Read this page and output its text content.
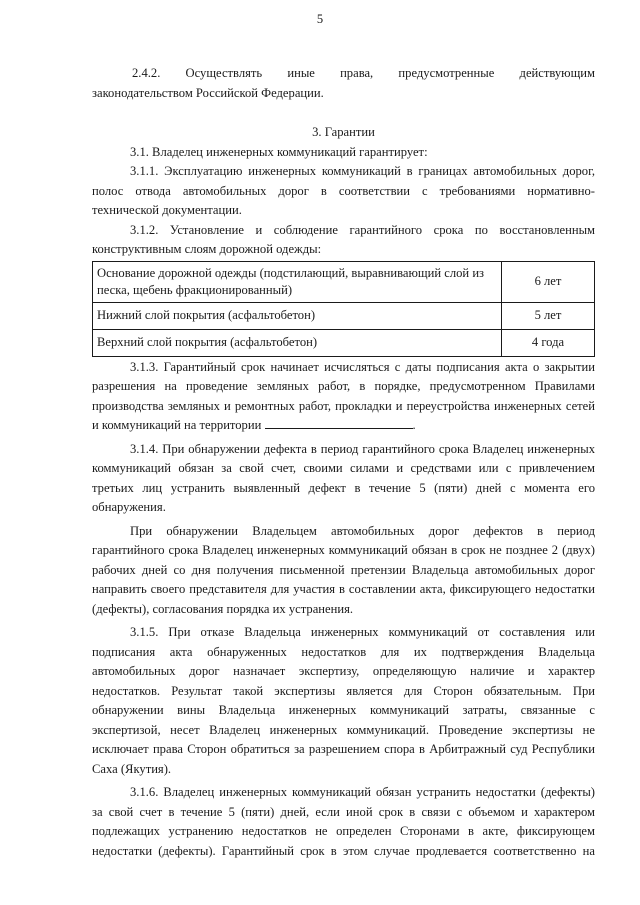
5
2.4.2. Осуществлять иные права, предусмотренные действующим

законодательством Российской Федерации.

3. Гарантии

3.1. Владелец инженерных коммуникаций гарантирует:

3.1.1. Эксплуатацию инженерных коммуникаций в границах автомобильных дорог,

полос отвода автомобильных дорог в соответствии с требованиями нормативно-

технической документации.

3.1.2. Установление и соблюдение гарантийного срока по восстановленным

конструктивным слоям дорожной одежды:

Основание дорожной одежды (подстилающий, выравнивающий слой из песка, щебень фракционированный)	6 лет
Нижний слой покрытия (асфальтобетон)	5 лет
Верхний слой покрытия (асфальтобетон)	4 года

3.1.3. Гарантийный срок начинает исчисляться с даты подписания акта о закрытии

разрешения на проведение земляных работ, в порядке, предусмотренном Правилами

производства земляных и ремонтных работ, прокладки и переустройства инженерных сетей

и коммуникаций на территории	.

3.1.4. При обнаружении дефекта в период гарантийного срока Владелец инженерных

коммуникаций обязан за свой счет, своими силами и средствами или с привлечением

третьих лиц устранить выявленный дефект в течение 5 (пяти) дней с момента его

обнаружения.

При обнаружении Владельцем автомобильных дорог дефектов в период

гарантийного срока Владелец инженерных коммуникаций обязан в срок не позднее 2 (двух)

рабочих дней со дня получения письменной претензии Владельца автомобильных дорог

направить своего представителя для участия в составлении акта, фиксирующего недостатки

(дефекты), согласования порядка их устранения.

3.1.5. При отказе Владельца инженерных коммуникаций от составления или

подписания акта обнаруженных недостатков для их подтверждения Владельца

автомобильных дорог назначает экспертизу, определяющую наличие и характер

недостатков. Результат такой экспертизы является для Сторон обязательным. При

обнаружении вины Владельца инженерных коммуникаций затраты, связанные с

экспертизой, несет Владелец инженерных коммуникаций. Проведение экспертизы не

исключает права Сторон обратиться за разрешением спора в Арбитражный суд Республики

Саха (Якутия).

3.1.6. Владелец инженерных коммуникаций обязан устранить недостатки (дефекты)

за свой счет в течение 5 (пяти) дней, если иной срок в связи с объемом и характером

подлежащих устранению недостатков не определен Сторонами в акте, фиксирующем

недостатки (дефекты). Гарантийный срок в этом случае продлевается соответственно на
